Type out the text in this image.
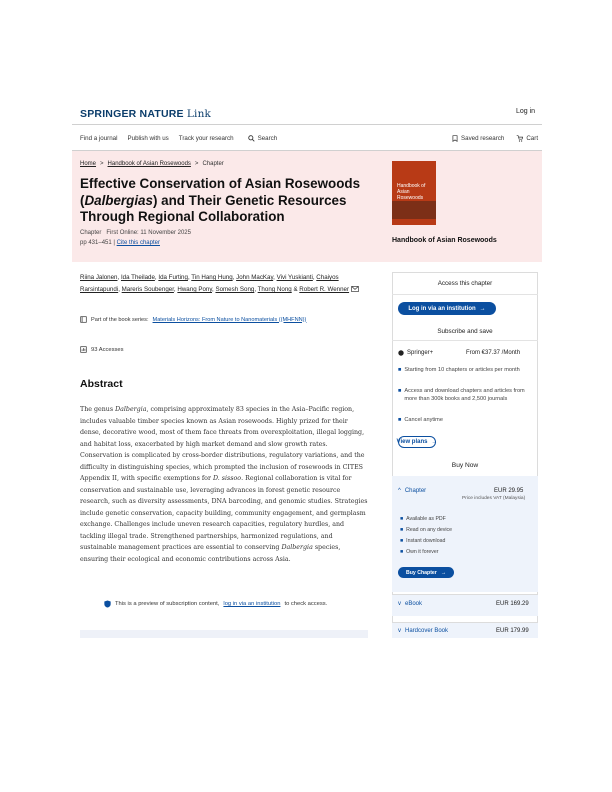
SPRINGER NATURE Link	Log in
Find a journal Publish with us Track your research	Search	Saved research	Cart
Home > Handbook of Asian Rosewoods > Chapter
Effective Conservation of Asian Rosewoods (Dalbergias) and Their Genetic Resources Through Regional Collaboration
Chapter First Online: 11 November 2025
pp 431–451 | Cite this chapter
Handbook of Asian Rosewoods
Handbook of Asian Rosewoods
Riina Jalonen, Ida Theilade, Ida Furting, Tin Hang Hung, John MacKay, Vivi Yuskianti, Chaiyos Rarsintapundi, Mareris Soubenger, Hwang Pony, Somesh Song, Thong Nong & Robert R. Wenner
Part of the book series: Materials Horizons: From Nature to Nanomaterials ((MHFNN))
93 Accesses
Abstract

The genus Dalbergia, comprising approximately 83 species in the Asia–Pacific region, includes valuable timber species known as Asian rosewoods. Highly prized for their dense, decorative wood, most of them face threats from overexploitation, illegal logging, and habitat loss, exacerbated by high market demand and slow growth rates. Conservation is complicated by cross-border distributions, regulatory variations, and the difficulty in distinguishing species, which prompted the inclusion of rosewoods in CITES Appendix II, with specific exemptions for D. sissoo. Regional collaboration is vital for conservation and sustainable use, leveraging advances in forest genetic resource research, such as diversity assessments, DNA barcoding, and genomic studies. Strategies include genetic conservation, capacity building, community engagement, and germplasm exchange. Challenges include uneven research capacities, regulatory hurdles, and tackling illegal trade. Strengthened partnerships, harmonized regulations, and sustainable management practices are essential to conserving Dalbergia species, ensuring their ecological and economic contributions across Asia.

This is a preview of subscription content, log in via an institution to check access.
Access this chapter
Log in via an institution →
Subscribe and save
Springer+	From €37.37 /Month
■ Starting from 10 chapters or articles per month
■ Access and download chapters and articles from more than 300k books and 2,500 journals
■ Cancel anytime
View plans →
Buy Now
^ Chapter	EUR 29.95
Price includes VAT (Malaysia)
■ Available as PDF
■ Read on any device
■ Instant download
■ Own it forever
Buy Chapter →
v eBook	EUR 169.29
v Hardcover Book	EUR 179.99
